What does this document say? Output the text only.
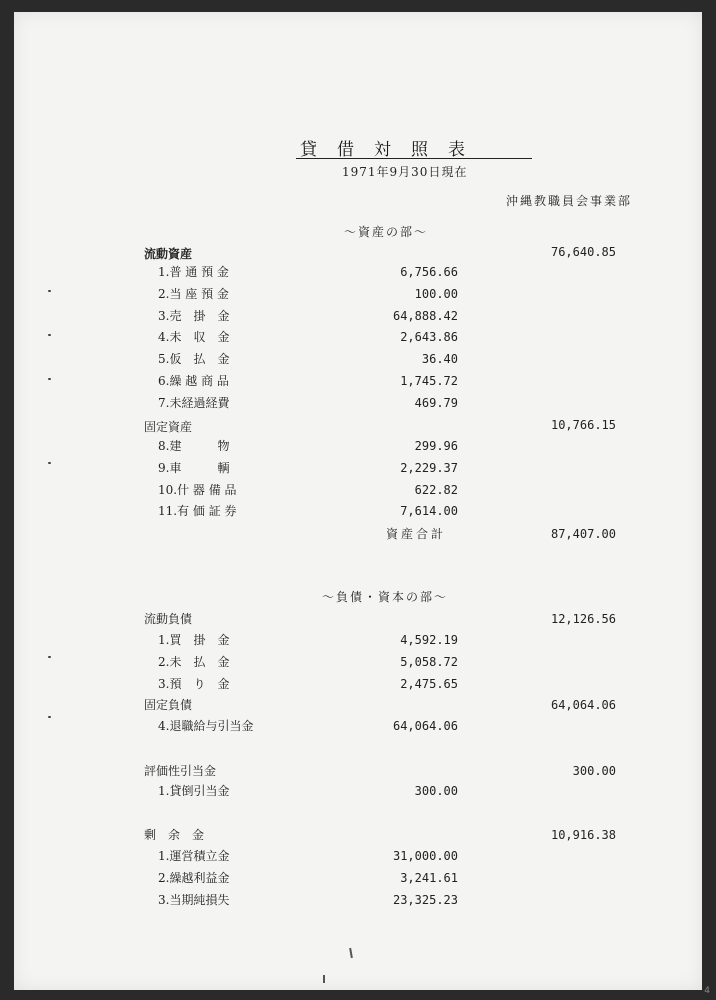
貸借対照表
1971年9月30日現在
沖縄教職員会事業部
〜資産の部〜
流動資産	76,640.85
1.普 通 預 金	6,756.66
2.当 座 預 金	100.00
3.売　掛　金	64,888.42
4.未　収　金	2,643.86
5.仮　払　金	36.40
6.繰 越 商 品	1,745.72
7.未経過経費	469.79
固定資産	10,766.15
8.建　　　物	299.96
9.車　　　輌	2,229.37
10.什 器 備 品	622.82
11.有 価 証 券	7,614.00
資産合計	87,407.00
〜負債・資本の部〜
流動負債	12,126.56
1.買　掛　金	4,592.19
2.未　払　金	5,058.72
3.預　り　金	2,475.65
固定負債	64,064.06
4.退職給与引当金	64,064.06
評価性引当金	300.00
1.貸倒引当金	300.00
剰　余　金	10,916.38
1.運営積立金	31,000.00
2.繰越利益金	3,241.61
3.当期純損失	23,325.23
4
